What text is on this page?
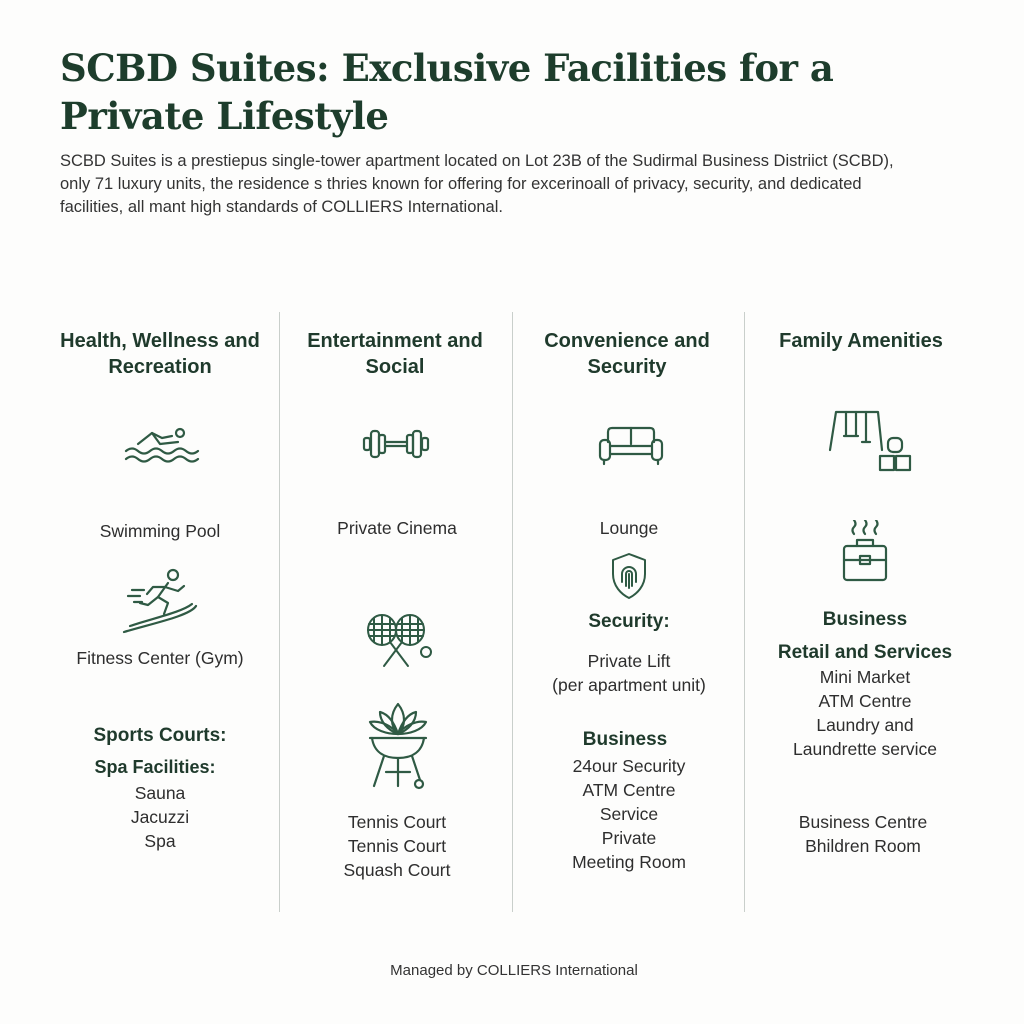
SCBD Suites: Exclusive Facilities for a Private Lifestyle
SCBD Suites is a prestiepus single-tower apartment located on Lot 23B of the Sudirmal Business Distriict (SCBD),
only 71 luxury units, the residence s thries known for offering for excerinoall of privacy, security, and dedicated
facilities, all mant high standards of COLLIERS International.
Health, Wellness and Recreation
Swimming Pool
Fitness Center (Gym)
Sports Courts:
Spa Facilities:
Sauna
Jacuzzi
Spa
Entertainment and Social
Private Cinema
Tennis Court
Tennis Court
Squash Court
Convenience and Security
Lounge
Security:
Private Lift
(per apartment unit)
Business
24our Security
ATM Centre
Service
Private
Meeting Room
Family Amenities
Business
Retail and Services
Mini Market
ATM Centre
Laundry and
Laundrette service
Business Centre
Bhildren Room
Managed by COLLIERS International
